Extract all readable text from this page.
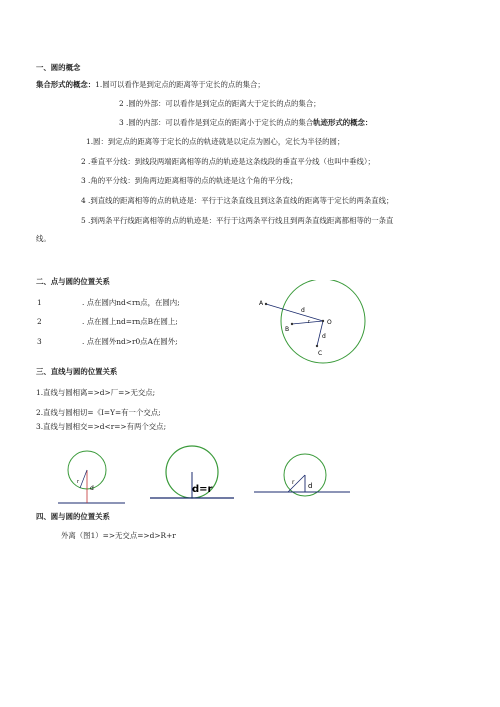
一、圆的概念
集合形式的概念：1.圆可以看作是到定点的距离等于定长的点的集合；
2 .圆的外部：可以看作是到定点的距离大于定长的点的集合；
3 .圆的内部：可以看作是到定点的距离小于定长的点的集合轨迹形式的概念：
1.圆：到定点的距离等于定长的点的轨迹就是以定点为圆心，定长为半径的圆；
2 .垂直平分线：到线段两端距离相等的点的轨迹是这条线段的垂直平分线（也叫中垂线）；
3 .角的平分线：到角两边距离相等的点的轨迹是这个角的平分线；
4 .到直线的距离相等的点的轨迹是：平行于这条直线且到这条直线的距离等于定长的两条直线；
5 .到两条平行线距离相等的点的轨迹是：平行于这两条平行线且到两条直线距离都相等的一条直
线。
二、点与圆的位置关系
1	. 点在圆内nd<rn点，在圆内;
2	. 点在圆上nd=rn点B在圆上;
3	. 点在圆外nd>r0点A在圆外;
A
B
O
C
d
r
d
三、直线与圆的位置关系
1.直线与圆相离=>d>厂=>无交点;
2.直线与圆相切=《I=Y=有一个交点;
3.直线与圆相交=>d<r=>有两个交点;
r
d	d=r
r d
四、圆与圆的位置关系
外离（图1）=>无交点=>d>R+r
